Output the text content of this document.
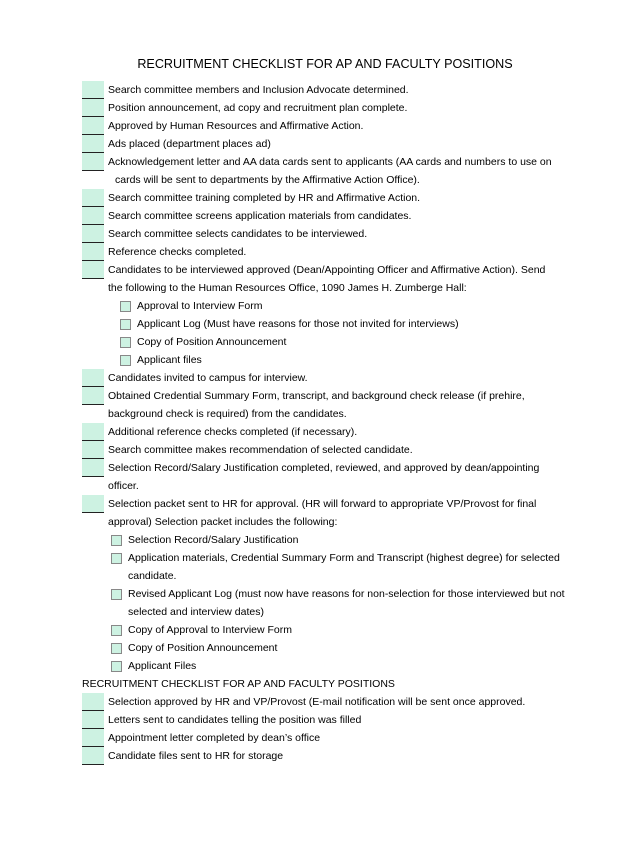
RECRUITMENT CHECKLIST FOR AP AND FACULTY POSITIONS
Search committee members and Inclusion Advocate determined.
Position announcement, ad copy and recruitment plan complete.
Approved by Human Resources and Affirmative Action.
Ads placed (department places ad)
Acknowledgement letter and AA data cards sent to applicants (AA cards and numbers to use on
cards will be sent to departments by the Affirmative Action Office).
Search committee training completed by HR and Affirmative Action.
Search committee screens application materials from candidates.
Search committee selects candidates to be interviewed.
Reference checks completed.
Candidates to be interviewed approved (Dean/Appointing Officer and Affirmative Action). Send
the following to the Human Resources Office, 1090 James H. Zumberge Hall:
Approval to Interview Form
Applicant Log (Must have reasons for those not invited for interviews)
Copy of Position Announcement
Applicant files
Candidates invited to campus for interview.
Obtained Credential Summary Form, transcript, and background check release (if prehire,
background check is required) from the candidates.
Additional reference checks completed (if necessary).
Search committee makes recommendation of selected candidate.
Selection Record/Salary Justification completed, reviewed, and approved by dean/appointing
officer.
Selection packet sent to HR for approval. (HR will forward to appropriate VP/Provost for final
approval) Selection packet includes the following:
Selection Record/Salary Justification
Application materials, Credential Summary Form and Transcript (highest degree) for selected
candidate.
Revised Applicant Log (must now have reasons for non-selection for those interviewed but not
selected and interview dates)
Copy of Approval to Interview Form
Copy of Position Announcement
Applicant Files
RECRUITMENT CHECKLIST FOR AP AND FACULTY POSITIONS
Selection approved by HR and VP/Provost (E-mail notification will be sent once approved.
Letters sent to candidates telling the position was filled
Appointment letter completed by dean’s office
Candidate files sent to HR for storage
